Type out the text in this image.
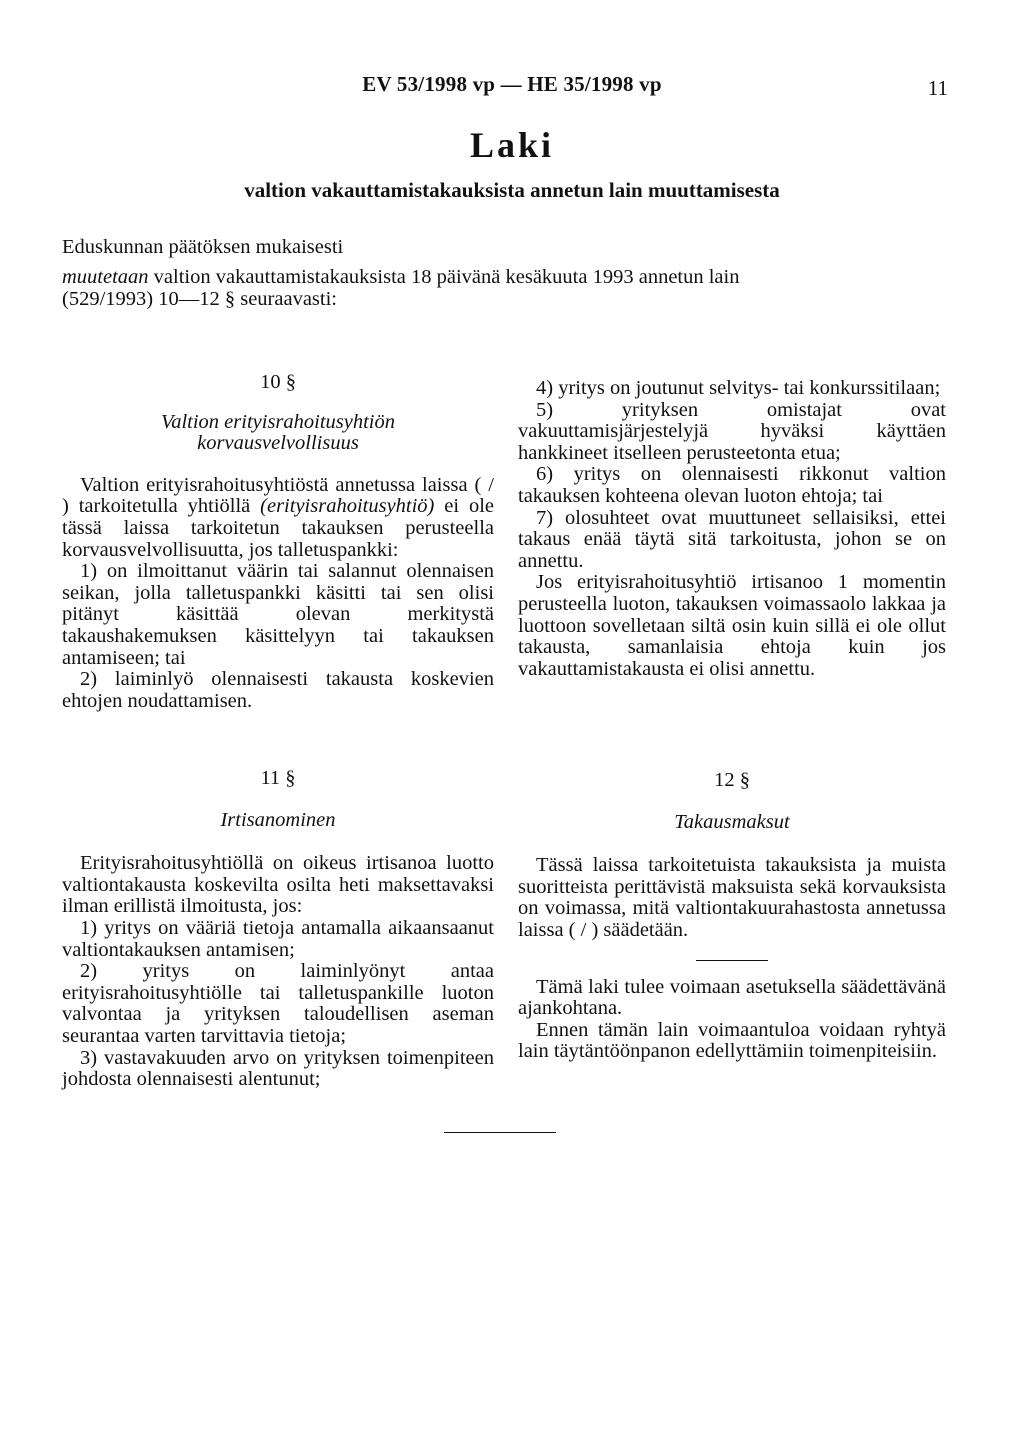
EV 53/1998 vp — HE 35/1998 vp	11
Laki
valtion vakauttamistakauksista annetun lain muuttamisesta
Eduskunnan päätöksen mukaisesti
muutetaan valtion vakauttamistakauksista 18 päivänä kesäkuuta 1993 annetun lain
(529/1993) 10—12 § seuraavasti:
10 §
Valtion erityisrahoitusyhtiön korvausvelvollisuus

Valtion erityisrahoitusyhtiöstä annetussa laissa ( / ) tarkoitetulla yhtiöllä (erityisrahoitusyhtiö) ei ole tässä laissa tarkoitetun takauksen perusteella korvausvelvollisuutta, jos talletuspankki:

1) on ilmoittanut väärin tai salannut olennaisen seikan, jolla talletuspankki käsitti tai sen olisi pitänyt käsittää olevan merkitystä takaushakemuksen käsittelyyn tai takauksen antamiseen; tai

2) laiminlyö olennaisesti takausta koskevien ehtojen noudattamisen.

4) yritys on joutunut selvitys- tai konkurssitilaan;

5) yrityksen omistajat ovat vakuuttamisjärjestelyjä hyväksi käyttäen hankkineet itselleen perusteetonta etua;

6) yritys on olennaisesti rikkonut valtion takauksen kohteena olevan luoton ehtoja; tai

7) olosuhteet ovat muuttuneet sellaisiksi, ettei takaus enää täytä sitä tarkoitusta, johon se on annettu.

Jos erityisrahoitusyhtiö irtisanoo 1 momentin perusteella luoton, takauksen voimassaolo lakkaa ja luottoon sovelletaan siltä osin kuin sillä ei ole ollut takausta, samanlaisia ehtoja kuin jos vakauttamistakausta ei olisi annettu.

11 §
Irtisanominen

Erityisrahoitusyhtiöllä on oikeus irtisanoa luotto valtiontakausta koskevilta osilta heti maksettavaksi ilman erillistä ilmoitusta, jos:

1) yritys on vääriä tietoja antamalla aikaansaanut valtiontakauksen antamisen;

2) yritys on laiminlyönyt antaa erityisrahoitusyhtiölle tai talletuspankille luoton valvontaa ja yrityksen taloudellisen aseman seurantaa varten tarvittavia tietoja;

3) vastavakuuden arvo on yrityksen toimenpiteen johdosta olennaisesti alentunut;

12 §
Takausmaksut

Tässä laissa tarkoitetuista takauksista ja muista suoritteista perittävistä maksuista sekä korvauksista on voimassa, mitä valtiontakuurahastosta annetussa laissa ( / ) säädetään.

Tämä laki tulee voimaan asetuksella säädettävänä ajankohtana.

Ennen tämän lain voimaantuloa voidaan ryhtyä lain täytäntöönpanon edellyttämiin toimenpiteisiin.
